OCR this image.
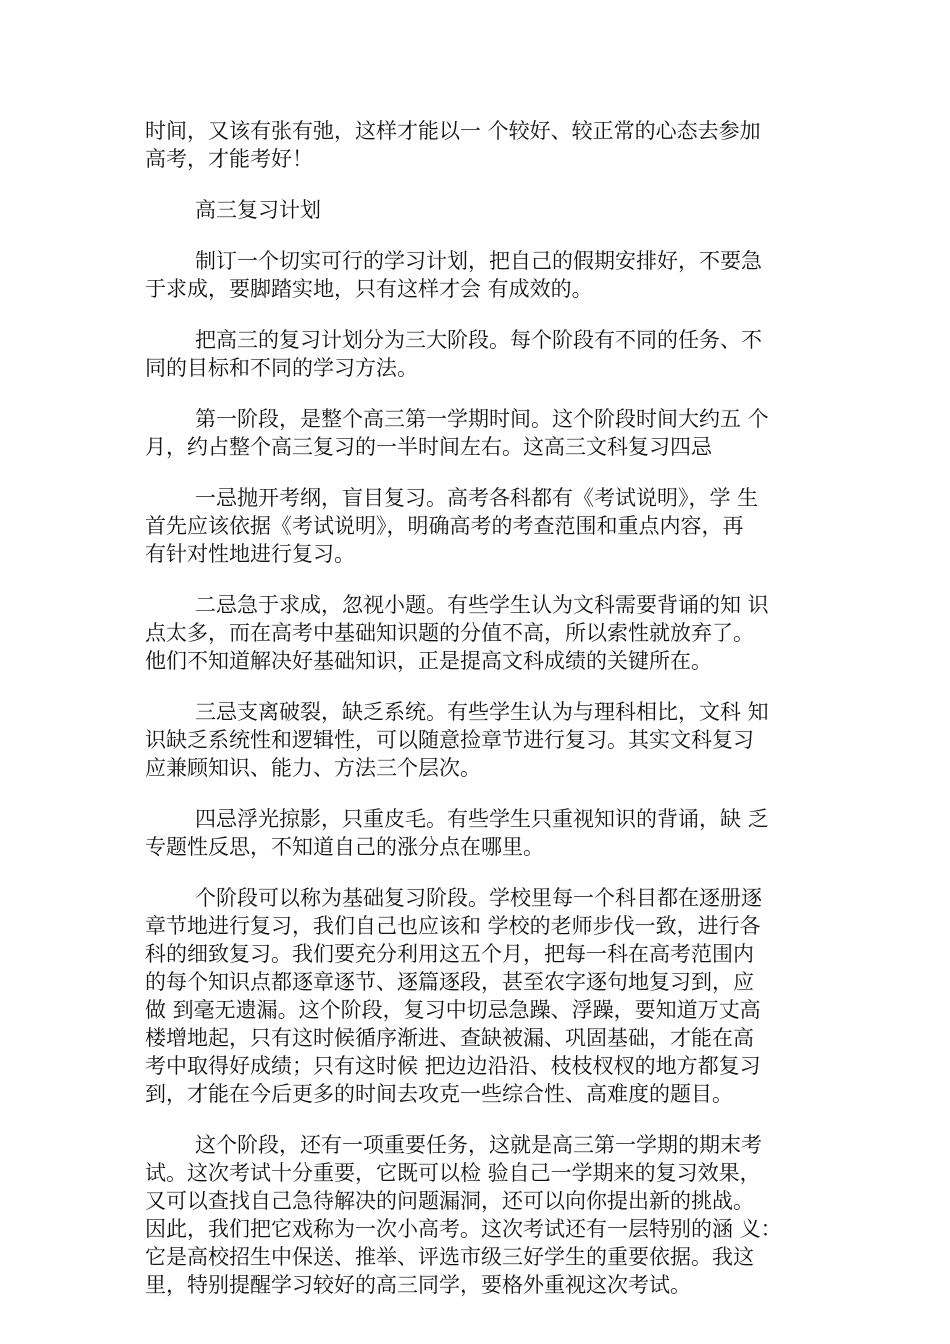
时间，又该有张有弛，这样才能以一 个较好、较正常的心态去参加
高考，才能考好！
高三复习计划
制订一个切实可行的学习计划，把自己的假期安排好，不要急
于求成，要脚踏实地，只有这样才会 有成效的。
把高三的复习计划分为三大阶段。每个阶段有不同的任务、不
同的目标和不同的学习方法。
第一阶段，是整个高三第一学期时间。这个阶段时间大约五 个
月，约占整个高三复习的一半时间左右。这高三文科复习四忌
一忌抛开考纲，盲目复习。高考各科都有《考试说明》，学 生
首先应该依据《考试说明》，明确高考的考查范围和重点内容，再
有针对性地进行复习。
二忌急于求成，忽视小题。有些学生认为文科需要背诵的知 识
点太多，而在高考中基础知识题的分值不高，所以索性就放弃了。
他们不知道解决好基础知识，正是提高文科成绩的关键所在。
三忌支离破裂，缺乏系统。有些学生认为与理科相比，文科 知
识缺乏系统性和逻辑性，可以随意捡章节进行复习。其实文科复习
应兼顾知识、能力、方法三个层次。
四忌浮光掠影，只重皮毛。有些学生只重视知识的背诵，缺 乏
专题性反思，不知道自己的涨分点在哪里。
个阶段可以称为基础复习阶段。学校里每一个科目都在逐册逐
章节地进行复习，我们自己也应该和 学校的老师步伐一致，进行各
科的细致复习。我们要充分利用这五个月，把每一科在高考范围内
的每个知识点都逐章逐节、逐篇逐段，甚至农字逐句地复习到，应
做 到毫无遗漏。这个阶段，复习中切忌急躁、浮躁，要知道万丈高
楼增地起，只有这时候循序渐进、查缺被漏、巩固基础，才能在高
考中取得好成绩；只有这时候 把边边沿沿、枝枝杈杈的地方都复习
到，才能在今后更多的时间去攻克一些综合性、高难度的题目。
这个阶段，还有一项重要任务，这就是高三第一学期的期末考
试。这次考试十分重要，它既可以检 验自己一学期来的复习效果，
又可以查找自己急待解决的问题漏洞，还可以向你提出新的挑战。
因此，我们把它戏称为一次小高考。这次考试还有一层特别的涵 义：
它是高校招生中保送、推举、评选市级三好学生的重要依据。我这
里，特别提醒学习较好的高三同学，要格外重视这次考试。
